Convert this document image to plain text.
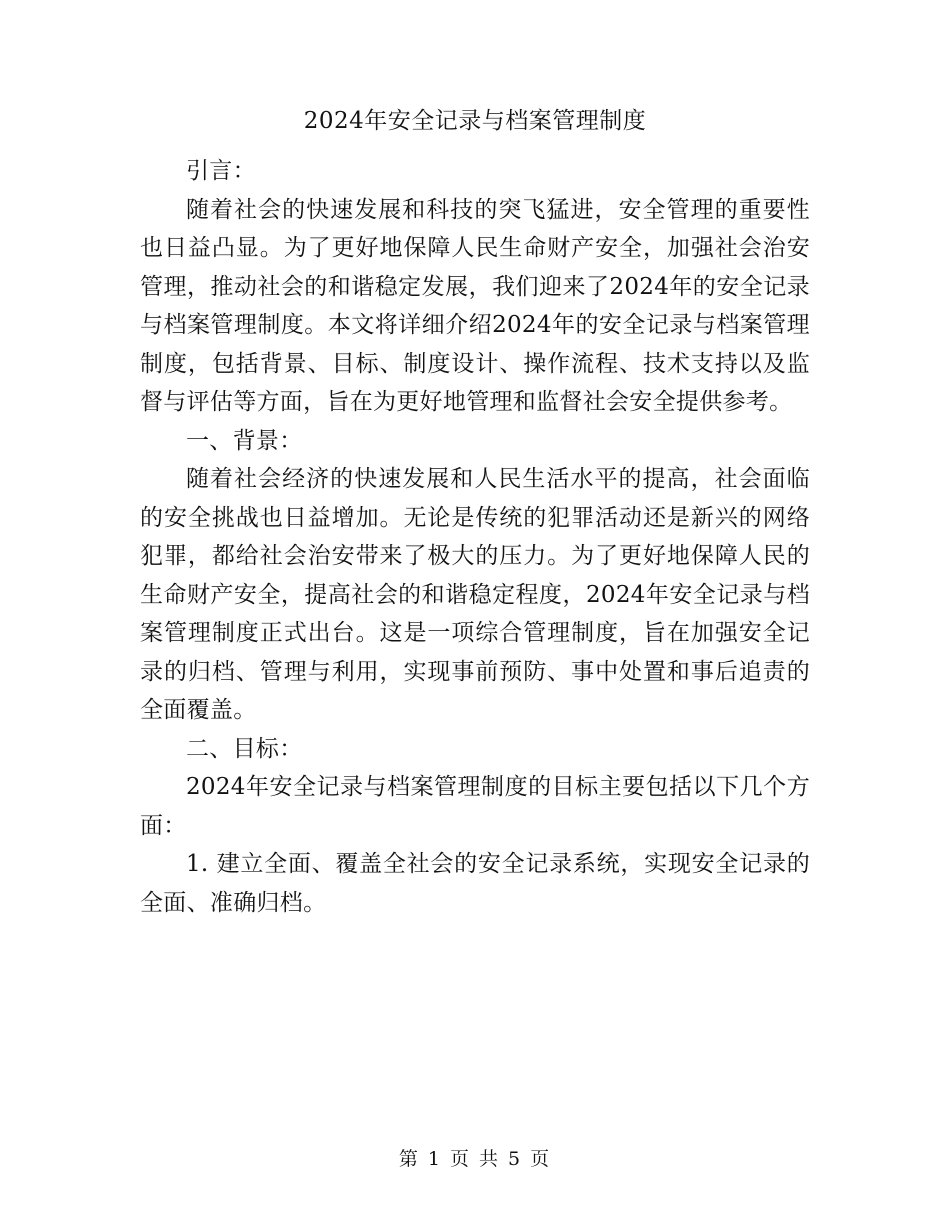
2024年安全记录与档案管理制度

引言：

随着社会的快速发展和科技的突飞猛进，安全管理的重要性也日益凸显。为了更好地保障人民生命财产安全，加强社会治安管理，推动社会的和谐稳定发展，我们迎来了2024年的安全记录与档案管理制度。本文将详细介绍2024年的安全记录与档案管理制度，包括背景、目标、制度设计、操作流程、技术支持以及监督与评估等方面，旨在为更好地管理和监督社会安全提供参考。

一、背景：

随着社会经济的快速发展和人民生活水平的提高，社会面临的安全挑战也日益增加。无论是传统的犯罪活动还是新兴的网络犯罪，都给社会治安带来了极大的压力。为了更好地保障人民的生命财产安全，提高社会的和谐稳定程度，2024年安全记录与档案管理制度正式出台。这是一项综合管理制度，旨在加强安全记录的归档、管理与利用，实现事前预防、事中处置和事后追责的全面覆盖。

二、目标：

2024年安全记录与档案管理制度的目标主要包括以下几个方面：

1. 建立全面、覆盖全社会的安全记录系统，实现安全记录的全面、准确归档。

第 1 页 共 5 页
